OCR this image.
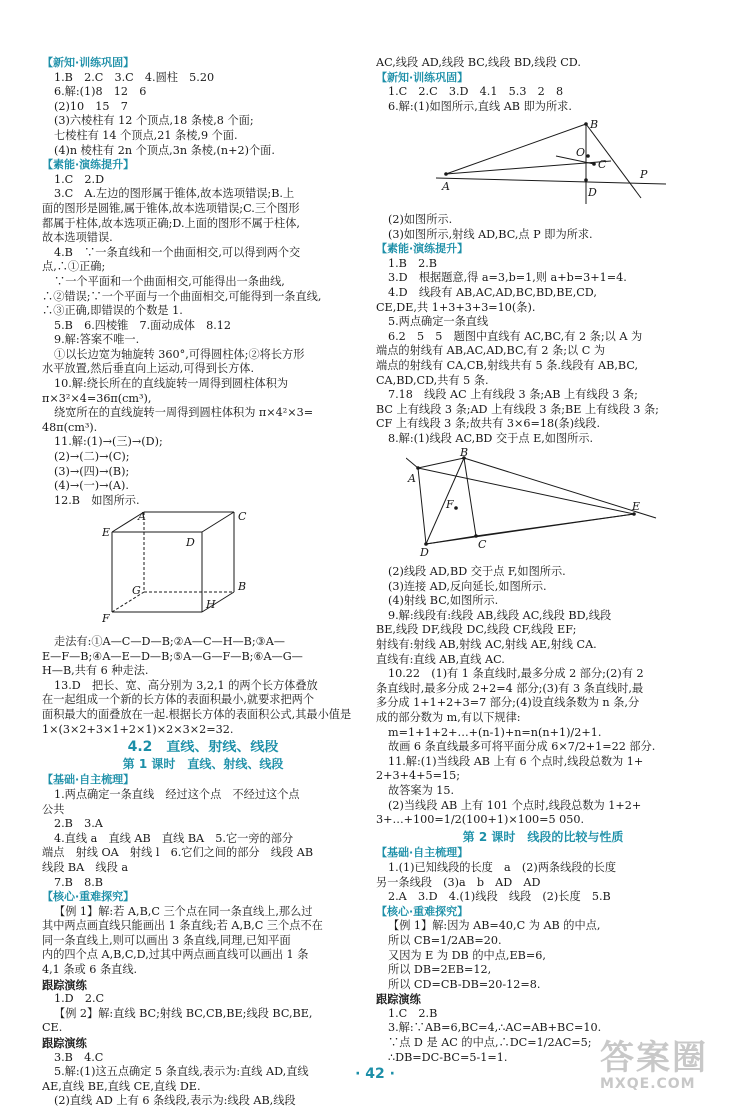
【新知·训练巩固】
1.B　2.C　3.C　4.圆柱　5.20
6.解:(1)8　12　6
(2)10　15　7
(3)六棱柱有 12 个顶点,18 条棱,8 个面;
七棱柱有 14 个顶点,21 条棱,9 个面.
(4)n 棱柱有 2n 个顶点,3n 条棱,(n+2)个面.
【素能·演练提升】
1.C　2.D
3.C　A.左边的图形属于锥体,故本选项错误;B.上
面的图形是圆锥,属于锥体,故本选项错误;C.三个图形
都属于柱体,故本选项正确;D.上面的图形不属于柱体,
故本选项错误.
4.B　∵一条直线和一个曲面相交,可以得到两个交
点,∴①正确;
∵一个平面和一个曲面相交,可能得出一条曲线,
∴②错误;∵一个平面与一个曲面相交,可能得到一条直线,
∴③正确,即错误的个数是 1.
5.B　6.四棱锥　7.面动成体　8.12
9.解:答案不唯一.
①以长边宽为轴旋转 360°,可得圆柱体;②将长方形
水平放置,然后垂直向上运动,可得到长方体.
10.解:绕长所在的直线旋转一周得到圆柱体积为
π×3²×4=36π(cm³),
绕宽所在的直线旋转一周得到圆柱体积为 π×4²×3=
48π(cm³).
11.解:(1)→(三)→(D);
(2)→(二)→(C);
(3)→(四)→(B);
(4)→(一)→(A).
12.B　如图所示.
A
B
C
D
E
F
G
H
走法有:①A—C—D—B;②A—C—H—B;③A—
E—F—B;④A—E—D—B;⑤A—G—F—B;⑥A—G—
H—B,共有 6 种走法.
13.D　把长、宽、高分别为 3,2,1 的两个长方体叠放
在一起组成一个新的长方体的表面积最小,就要求把两个
面积最大的面叠放在一起.根据长方体的表面积公式,其最小值是
1×(3×2+3×1+2×1)×2×3×2=32.
4.2　直线、射线、线段
第 1 课时　直线、射线、线段
【基础·自主梳理】
1.两点确定一条直线　经过这个点　不经过这个点
公共
2.B　3.A
4.直线 a　直线 AB　直线 BA　5.它一旁的部分
端点　射线 OA　射线 l　6.它们之间的部分　线段 AB
线段 BA　线段 a
7.B　8.B
【核心·重难探究】
【例 1】解:若 A,B,C 三个点在同一条直线上,那么过
其中两点画直线只能画出 1 条直线;若 A,B,C 三个点不在
同一条直线上,则可以画出 3 条直线,同理,已知平面
内的四个点 A,B,C,D,过其中两点画直线可以画出 1 条
4,1 条或 6 条直线.
跟踪演练
1.D　2.C
【例 2】解:直线 BC;射线 BC,CB,BE;线段 BC,BE,
CE.
跟踪演练
3.B　4.C
5.解:(1)这五点确定 5 条直线,表示为:直线 AD,直线
AE,直线 BE,直线 CE,直线 DE.
(2)直线 AD 上有 6 条线段,表示为:线段 AB,线段
AC,线段 AD,线段 BC,线段 BD,线段 CD.
【新知·训练巩固】
1.C　2.C　3.D　4.1　5.3　2　8
6.解:(1)如图所示,直线 AB 即为所求.
A
B
C
D
O
P
(2)如图所示.
(3)如图所示,射线 AD,BC,点 P 即为所求.
【素能·演练提升】
1.B　2.B
3.D　根据题意,得 a=3,b=1,则 a+b=3+1=4.
4.D　线段有 AB,AC,AD,BC,BD,BE,CD,
CE,DE,共 1+3+3+3=10(条).
5.两点确定一条直线
6.2　5　5　题图中直线有 AC,BC,有 2 条;以 A 为
端点的射线有 AB,AC,AD,BC,有 2 条;以 C 为
端点的射线有 CA,CB,射线共有 5 条.线段有 AB,BC,
CA,BD,CD,共有 5 条.
7.18　线段 AC 上有线段 3 条;AB 上有线段 3 条;
BC 上有线段 3 条;AD 上有线段 3 条;BE 上有线段 3 条;
CF 上有线段 3 条;故共有 3×6=18(条)线段.
8.解:(1)线段 AC,BD 交于点 E,如图所示.
A
B
C
D
E
F
(2)线段 AD,BD 交于点 F,如图所示.
(3)连接 AD,反向延长,如图所示.
(4)射线 BC,如图所示.
9.解:线段有:线段 AB,线段 AC,线段 BD,线段
BE,线段 DF,线段 DC,线段 CF,线段 EF;
射线有:射线 AB,射线 AC,射线 AE,射线 CA.
直线有:直线 AB,直线 AC.
10.22　(1)有 1 条直线时,最多分成 2 部分;(2)有 2
条直线时,最多分成 2+2=4 部分;(3)有 3 条直线时,最
多分成 1+1+2+3=7 部分;(4)设直线条数为 n 条,分
成的部分数为 m,有以下规律:
m=1+1+2+…+(n-1)+n=n(n+1)/2+1.
故画 6 条直线最多可将平面分成 6×7/2+1=22 部分.
11.解:(1)当线段 AB 上有 6 个点时,线段总数为 1+
2+3+4+5=15;
故答案为 15.
(2)当线段 AB 上有 101 个点时,线段总数为 1+2+
3+…+100=1/2(100+1)×100=5 050.
第 2 课时　线段的比较与性质
【基础·自主梳理】
1.(1)已知线段的长度　a　(2)两条线段的长度
另一条线段　(3)a　b　AD　AD
2.A　3.D　4.(1)线段　线段　(2)长度　5.B
【核心·重难探究】
【例 1】解:因为 AB=40,C 为 AB 的中点,
所以 CB=1/2AB=20.
又因为 E 为 DB 的中点,EB=6,
所以 DB=2EB=12,
所以 CD=CB-DB=20-12=8.
跟踪演练
1.C　2.B
3.解:∵AB=6,BC=4,∴AC=AB+BC=10.
∵点 D 是 AC 的中点,∴DC=1/2AC=5;
∴DB=DC-BC=5-1=1.
· 42 ·	答案圈
MXQE.COM
